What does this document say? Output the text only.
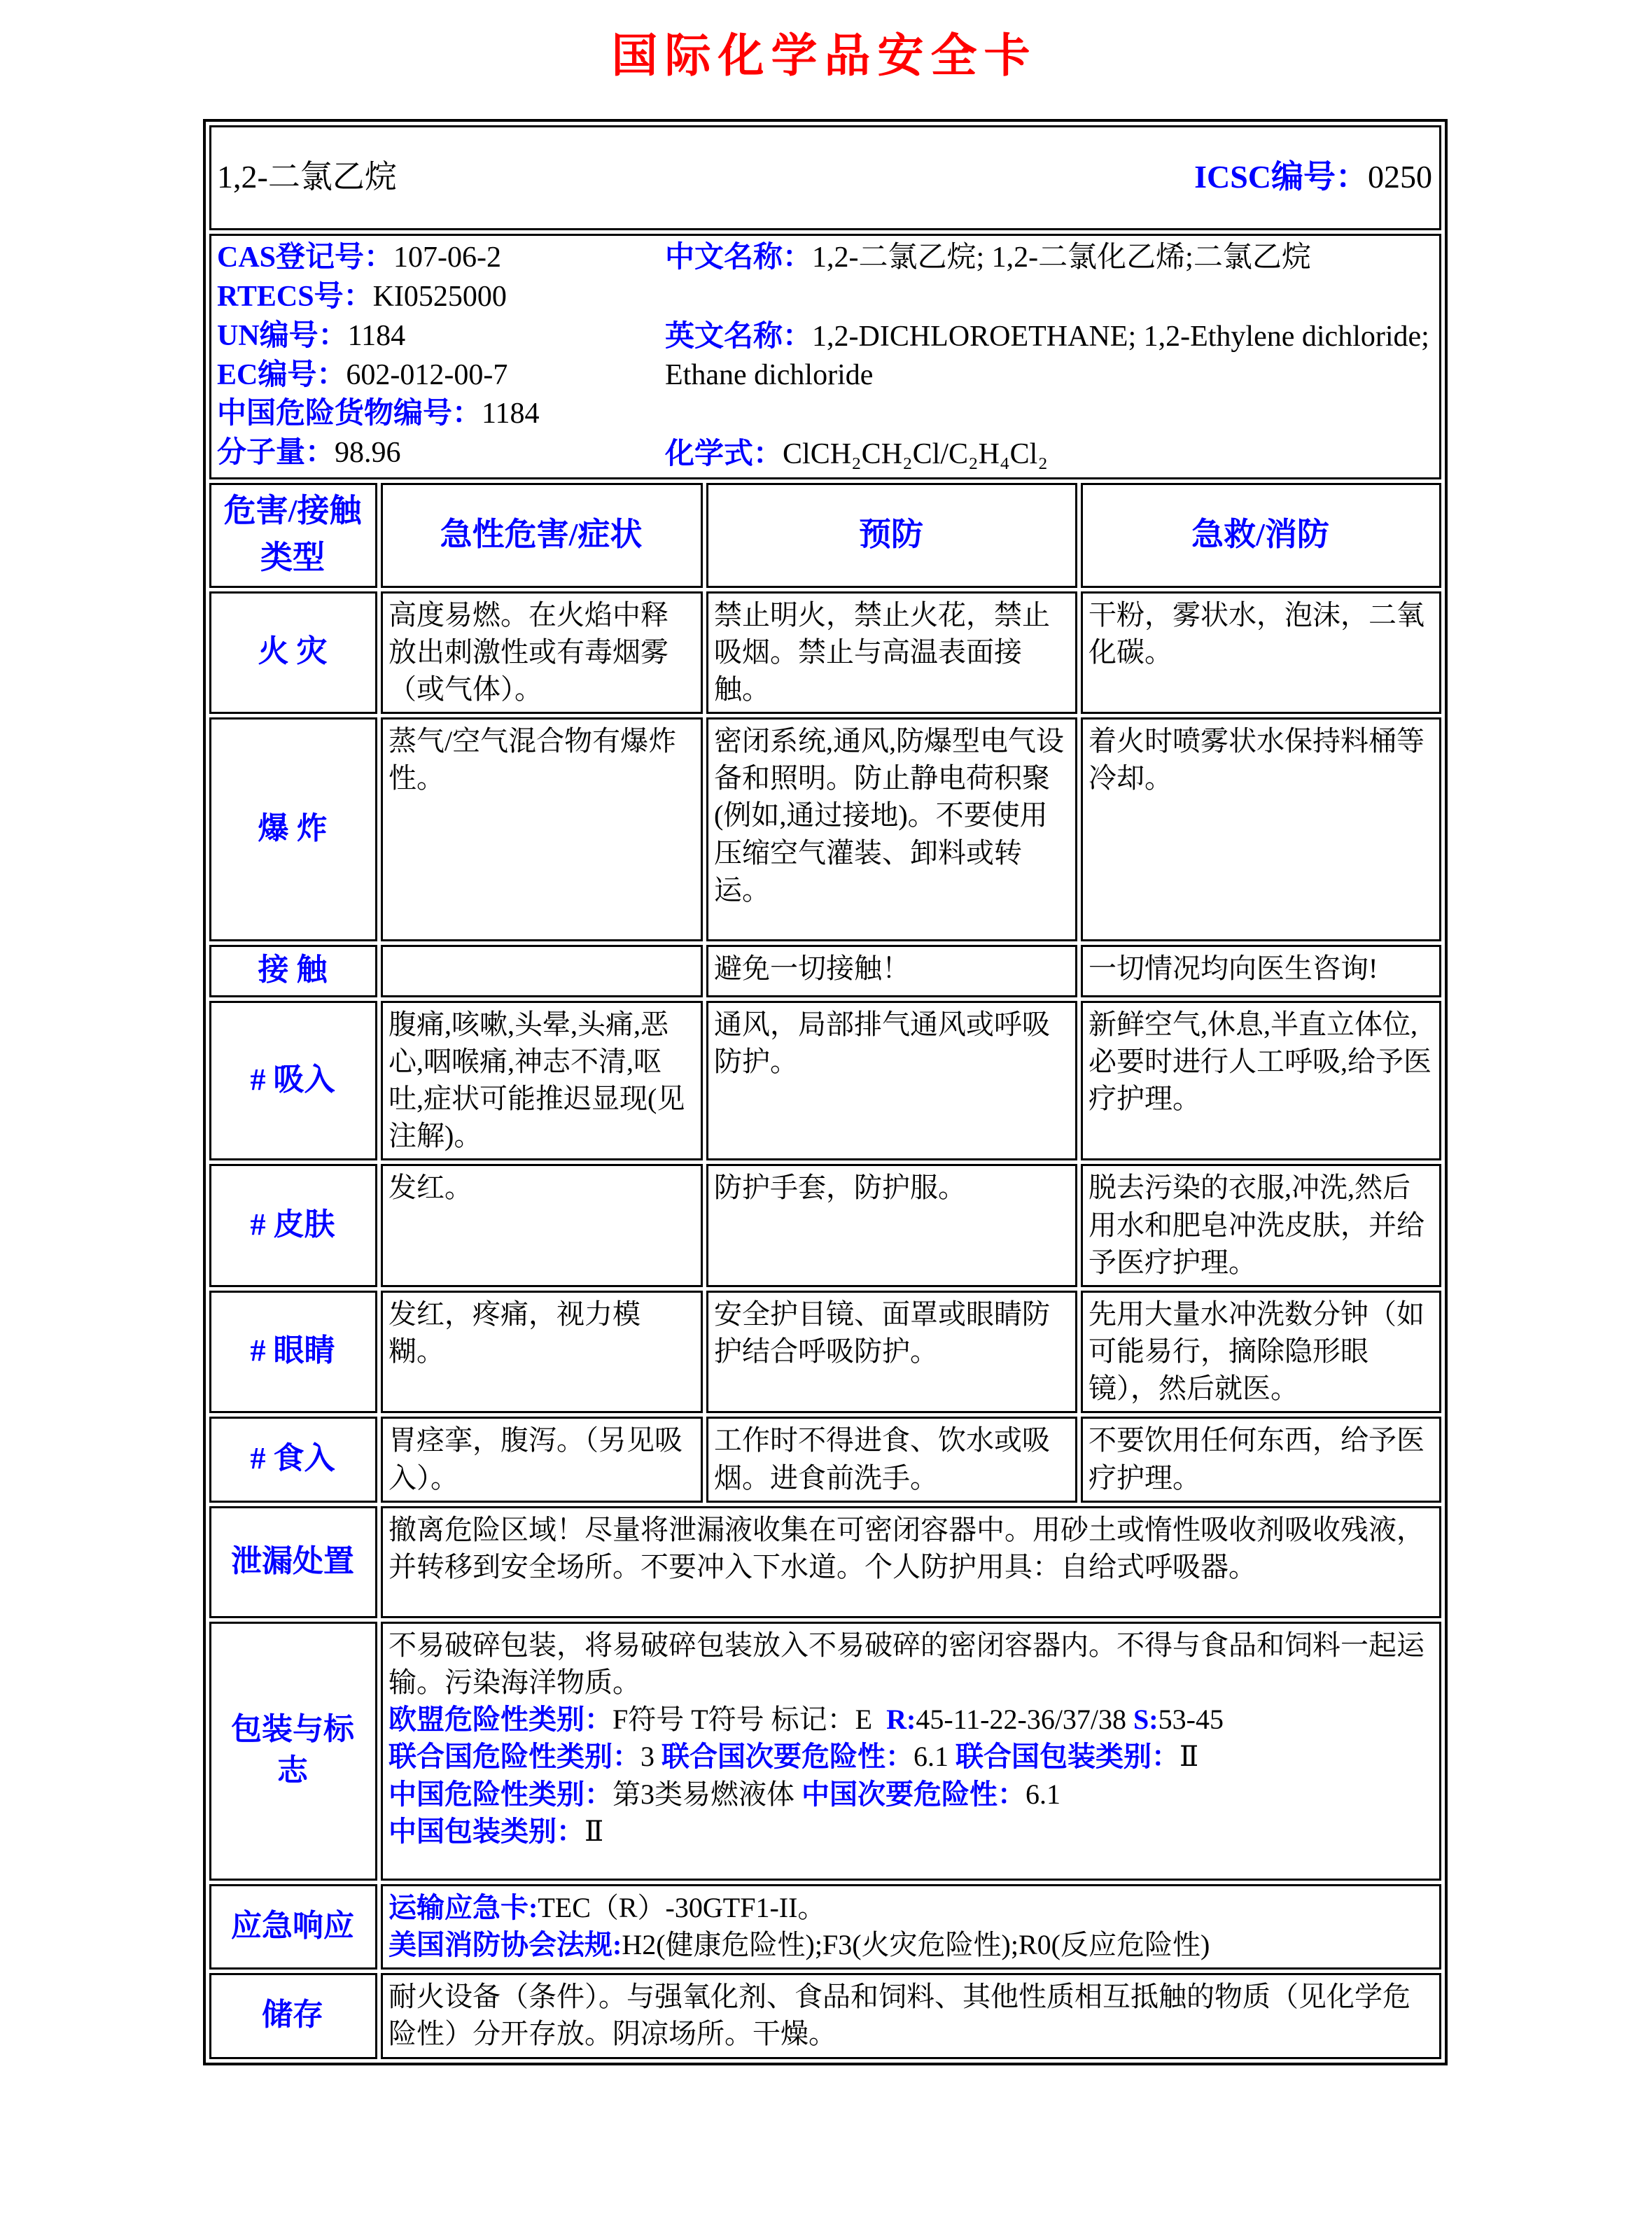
国际化学品安全卡
1,2-二氯乙烷 ICSC编号：0250			

CAS登记号：107-06-2
RTECS号：KI0525000
UN编号：1184
EC编号：602-012-00-7
中国危险货物编号：1184
分子量：98.96
中文名称：1,2-二氯乙烷; 1,2-二氯化乙烯;二氯乙烷
英文名称：1,2-DICHLOROETHANE; 1,2-Ethylene dichloride; Ethane dichloride
化学式：ClCH₂CH₂Cl/C₂H₄Cl₂

危害/接触类型	急性危害/症状	预防	急救/消防
火 灾	高度易燃。在火焰中释放出刺激性或有毒烟雾（或气体）。	禁止明火，禁止火花，禁止吸烟。禁止与高温表面接触。	干粉，雾状水，泡沫，二氧化碳。
爆 炸	蒸气/空气混合物有爆炸性。	密闭系统,通风,防爆型电气设备和照明。防止静电荷积聚(例如,通过接地)。不要使用压缩空气灌装、卸料或转运。	着火时喷雾状水保持料桶等冷却。
接 触		避免一切接触！	一切情况均向医生咨询!
# 吸入	腹痛,咳嗽,头晕,头痛,恶心,咽喉痛,神志不清,呕吐,症状可能推迟显现(见注解)。	通风，局部排气通风或呼吸防护。	新鲜空气,休息,半直立体位,必要时进行人工呼吸,给予医疗护理。
# 皮肤	发红。	防护手套，防护服。	脱去污染的衣服,冲洗,然后用水和肥皂冲洗皮肤，并给予医疗护理。
# 眼睛	发红，疼痛，视力模糊。	安全护目镜、面罩或眼睛防护结合呼吸防护。	先用大量水冲洗数分钟（如可能易行，摘除隐形眼镜），然后就医。
# 食入	胃痉挛，腹泻。（另见吸入）。	工作时不得进食、饮水或吸烟。进食前洗手。	不要饮用任何东西，给予医疗护理。
泄漏处置	撤离危险区域！尽量将泄漏液收集在可密闭容器中。用砂土或惰性吸收剂吸收残液，并转移到安全场所。不要冲入下水道。个人防护用具：自给式呼吸器。		
包装与标志	不易破碎包装，将易破碎包装放入不易破碎的密闭容器内。不得与食品和饲料一起运输。污染海洋物质。
欧盟危险性类别：F符号 T符号 标记：E  R:45-11-22-36/37/38 S:53-45
联合国危险性类别：3 联合国次要危险性：6.1 联合国包装类别：Ⅱ
中国危险性类别：第3类易燃液体 中国次要危险性：6.1
中国包装类别：Ⅱ		

应急响应	运输应急卡:TEC（R）-30GTF1-II。
美国消防协会法规:H2(健康危险性);F3(火灾危险性);R0(反应危险性)		

储存	耐火设备（条件）。与强氧化剂、食品和饲料、其他性质相互抵触的物质（见化学危险性）分开存放。阴凉场所。干燥。		
